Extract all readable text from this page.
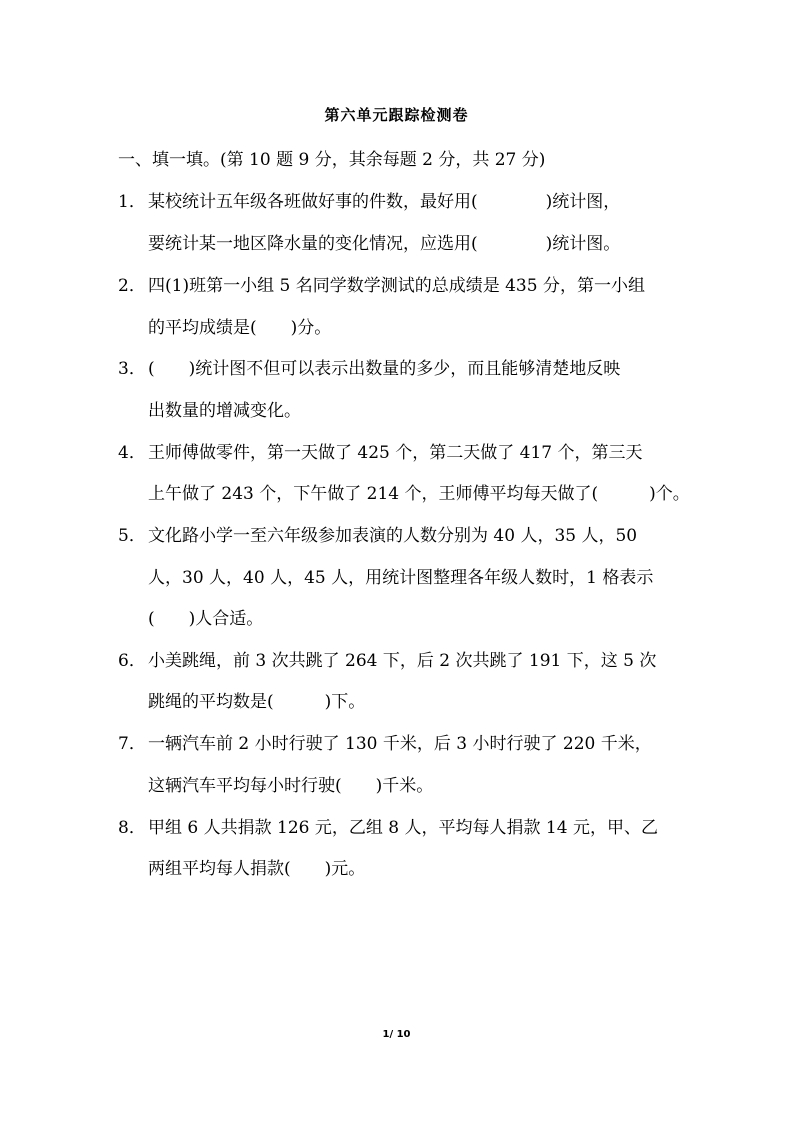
第六单元跟踪检测卷
一、填一填。(第 10 题 9 分，其余每题 2 分，共 27 分)
1． 某校统计五年级各班做好事的件数，最好用(　　　　)统计图，
要统计某一地区降水量的变化情况，应选用(　　　　)统计图。
2． 四(1)班第一小组 5 名同学数学测试的总成绩是 435 分，第一小组
的平均成绩是(　　)分。
3． (　　)统计图不但可以表示出数量的多少，而且能够清楚地反映
出数量的增减变化。
4． 王师傅做零件，第一天做了 425 个，第二天做了 417 个，第三天
上午做了 243 个，下午做了 214 个，王师傅平均每天做了(　　　)个。
5． 文化路小学一至六年级参加表演的人数分别为 40 人，35 人，50
人，30 人，40 人，45 人，用统计图整理各年级人数时，1 格表示
(　　)人合适。
6． 小美跳绳，前 3 次共跳了 264 下，后 2 次共跳了 191 下，这 5 次
跳绳的平均数是(　　　)下。
7． 一辆汽车前 2 小时行驶了 130 千米，后 3 小时行驶了 220 千米，
这辆汽车平均每小时行驶(　　)千米。
8． 甲组 6 人共捐款 126 元，乙组 8 人，平均每人捐款 14 元，甲、乙
两组平均每人捐款(　　)元。
1/ 10
